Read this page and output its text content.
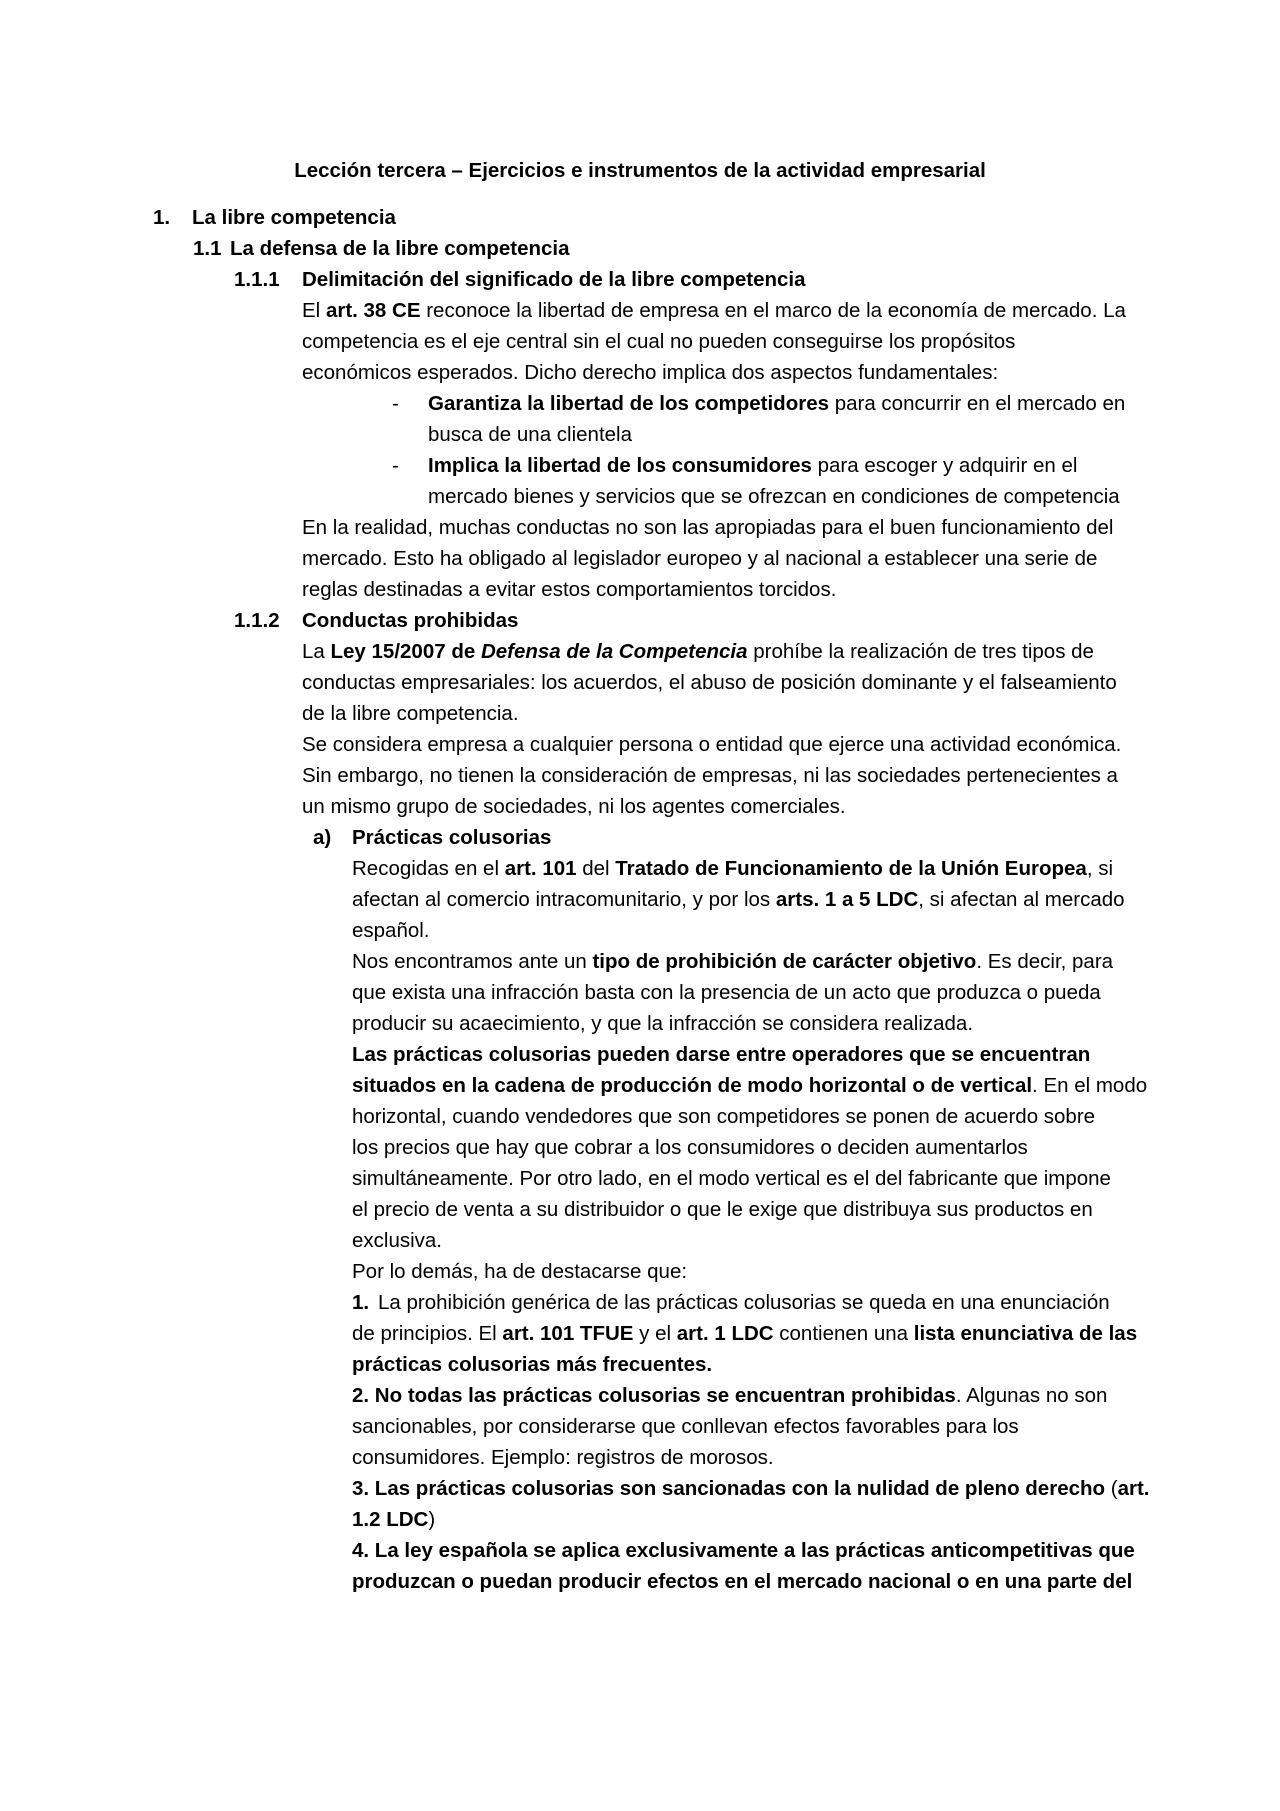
Lección tercera – Ejercicios e instrumentos de la actividad empresarial
1. La libre competencia
1.1 La defensa de la libre competencia
1.1.1 Delimitación del significado de la libre competencia
El art. 38 CE reconoce la libertad de empresa en el marco de la economía de mercado. La
competencia es el eje central sin el cual no pueden conseguirse los propósitos
económicos esperados. Dicho derecho implica dos aspectos fundamentales:
- Garantiza la libertad de los competidores para concurrir en el mercado en
busca de una clientela
- Implica la libertad de los consumidores para escoger y adquirir en el
mercado bienes y servicios que se ofrezcan en condiciones de competencia
En la realidad, muchas conductas no son las apropiadas para el buen funcionamiento del
mercado. Esto ha obligado al legislador europeo y al nacional a establecer una serie de
reglas destinadas a evitar estos comportamientos torcidos.
1.1.2 Conductas prohibidas
La Ley 15/2007 de Defensa de la Competencia prohíbe la realización de tres tipos de
conductas empresariales: los acuerdos, el abuso de posición dominante y el falseamiento
de la libre competencia.
Se considera empresa a cualquier persona o entidad que ejerce una actividad económica.
Sin embargo, no tienen la consideración de empresas, ni las sociedades pertenecientes a
un mismo grupo de sociedades, ni los agentes comerciales.
a) Prácticas colusorias
Recogidas en el art. 101 del Tratado de Funcionamiento de la Unión Europea, si
afectan al comercio intracomunitario, y por los arts. 1 a 5 LDC, si afectan al mercado
español.
Nos encontramos ante un tipo de prohibición de carácter objetivo. Es decir, para
que exista una infracción basta con la presencia de un acto que produzca o pueda
producir su acaecimiento, y que la infracción se considera realizada.
Las prácticas colusorias pueden darse entre operadores que se encuentran
situados en la cadena de producción de modo horizontal o de vertical. En el modo
horizontal, cuando vendedores que son competidores se ponen de acuerdo sobre
los precios que hay que cobrar a los consumidores o deciden aumentarlos
simultáneamente. Por otro lado, en el modo vertical es el del fabricante que impone
el precio de venta a su distribuidor o que le exige que distribuya sus productos en
exclusiva.
Por lo demás, ha de destacarse que:
1. La prohibición genérica de las prácticas colusorias se queda en una enunciación
de principios. El art. 101 TFUE y el art. 1 LDC contienen una lista enunciativa de las
prácticas colusorias más frecuentes.
2. No todas las prácticas colusorias se encuentran prohibidas. Algunas no son
sancionables, por considerarse que conllevan efectos favorables para los
consumidores. Ejemplo: registros de morosos.
3. Las prácticas colusorias son sancionadas con la nulidad de pleno derecho (art.
1.2 LDC)
4. La ley española se aplica exclusivamente a las prácticas anticompetitivas que
produzcan o puedan producir efectos en el mercado nacional o en una parte del
